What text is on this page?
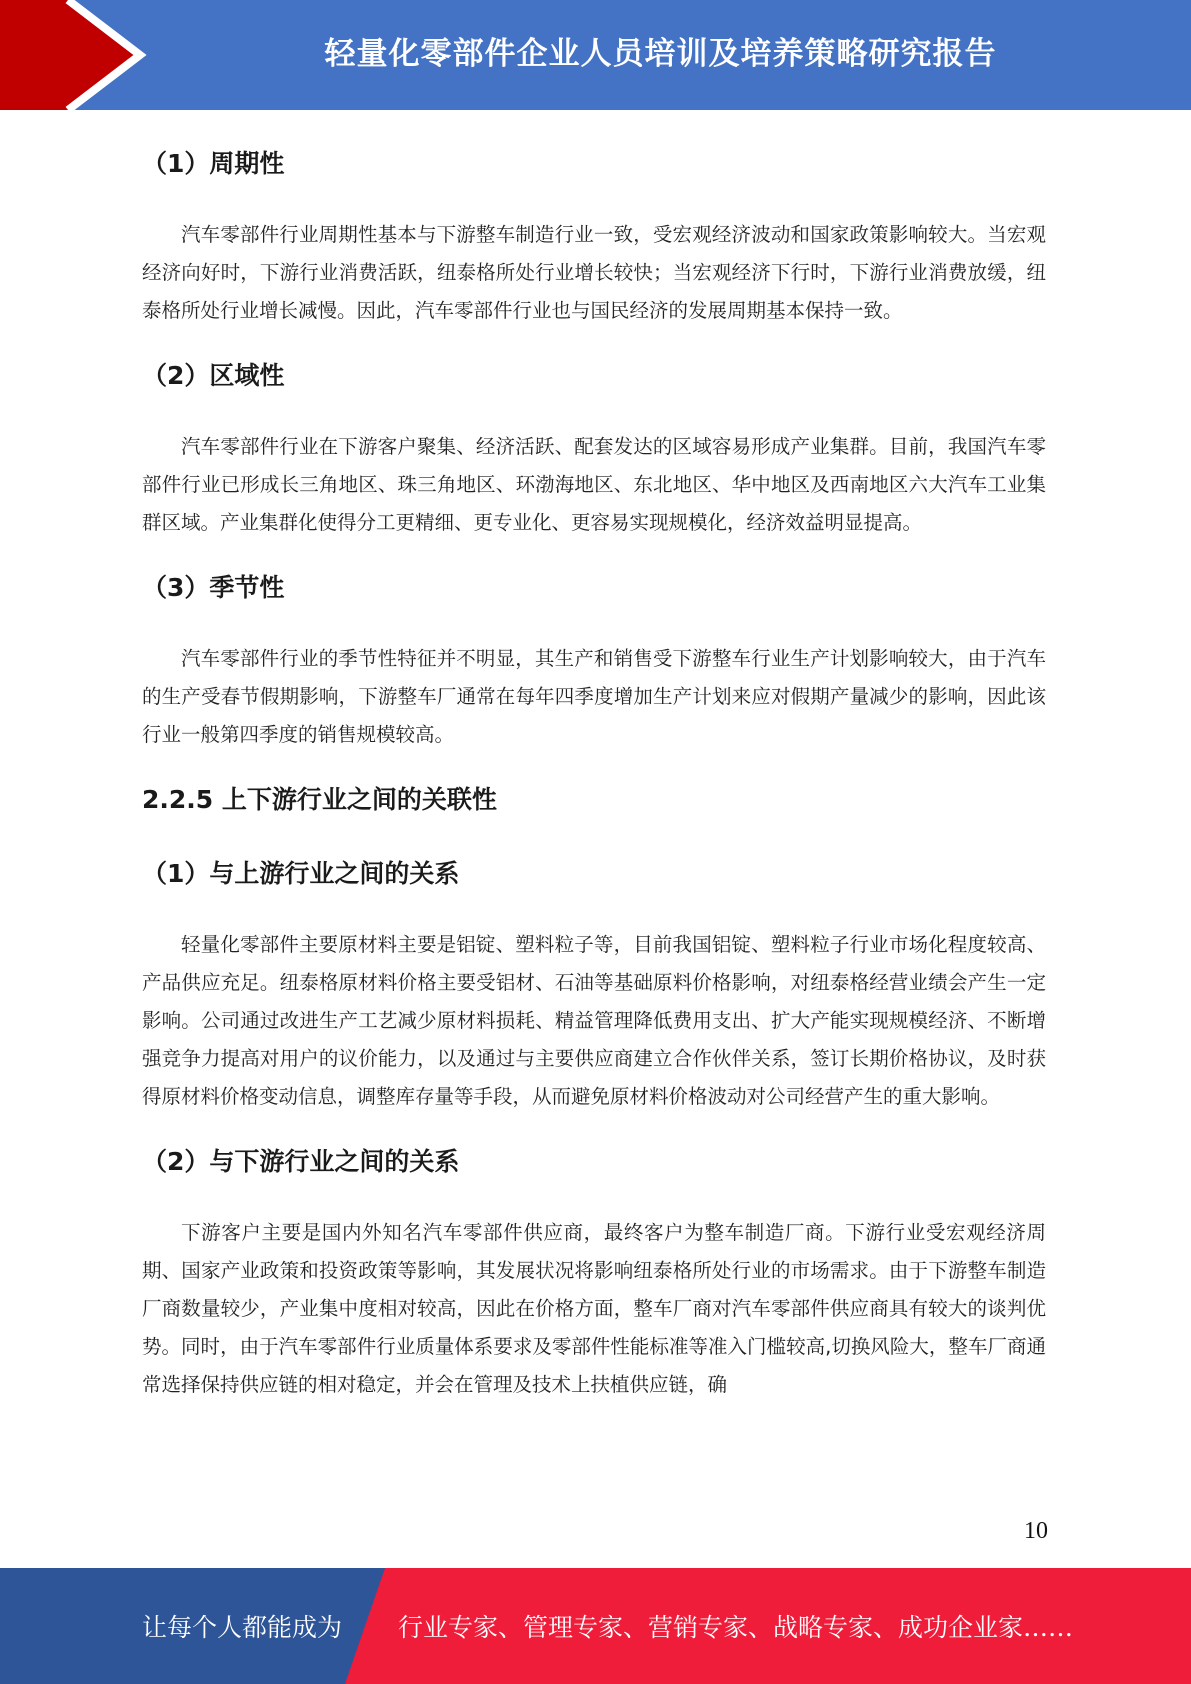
轻量化零部件企业人员培训及培养策略研究报告
（1）周期性

汽车零部件行业周期性基本与下游整车制造行业一致，受宏观经济波动和国家政策影响较大。当宏观经济向好时，下游行业消费活跃，纽泰格所处行业增长较快；当宏观经济下行时，下游行业消费放缓，纽泰格所处行业增长减慢。因此，汽车零部件行业也与国民经济的发展周期基本保持一致。

（2）区域性

汽车零部件行业在下游客户聚集、经济活跃、配套发达的区域容易形成产业集群。目前，我国汽车零部件行业已形成长三角地区、珠三角地区、环渤海地区、东北地区、华中地区及西南地区六大汽车工业集群区域。产业集群化使得分工更精细、更专业化、更容易实现规模化，经济效益明显提高。

（3）季节性

汽车零部件行业的季节性特征并不明显，其生产和销售受下游整车行业生产计划影响较大，由于汽车的生产受春节假期影响，下游整车厂通常在每年四季度增加生产计划来应对假期产量减少的影响，因此该行业一般第四季度的销售规模较高。

2.2.5 上下游行业之间的关联性
（1）与上游行业之间的关系

轻量化零部件主要原材料主要是铝锭、塑料粒子等，目前我国铝锭、塑料粒子行业市场化程度较高、产品供应充足。纽泰格原材料价格主要受铝材、石油等基础原料价格影响，对纽泰格经营业绩会产生一定影响。公司通过改进生产工艺减少原材料损耗、精益管理降低费用支出、扩大产能实现规模经济、不断增强竞争力提高对用户的议价能力，以及通过与主要供应商建立合作伙伴关系，签订长期价格协议，及时获得原材料价格变动信息，调整库存量等手段，从而避免原材料价格波动对公司经营产生的重大影响。

（2）与下游行业之间的关系

下游客户主要是国内外知名汽车零部件供应商，最终客户为整车制造厂商。下游行业受宏观经济周期、国家产业政策和投资政策等影响，其发展状况将影响纽泰格所处行业的市场需求。由于下游整车制造厂商数量较少，产业集中度相对较高，因此在价格方面，整车厂商对汽车零部件供应商具有较大的谈判优势。同时，由于汽车零部件行业质量体系要求及零部件性能标准等准入门槛较高,切换风险大，整车厂商通常选择保持供应链的相对稳定，并会在管理及技术上扶植供应链，确

10
让每个人都能成为 行业专家、管理专家、营销专家、战略专家、成功企业家……
